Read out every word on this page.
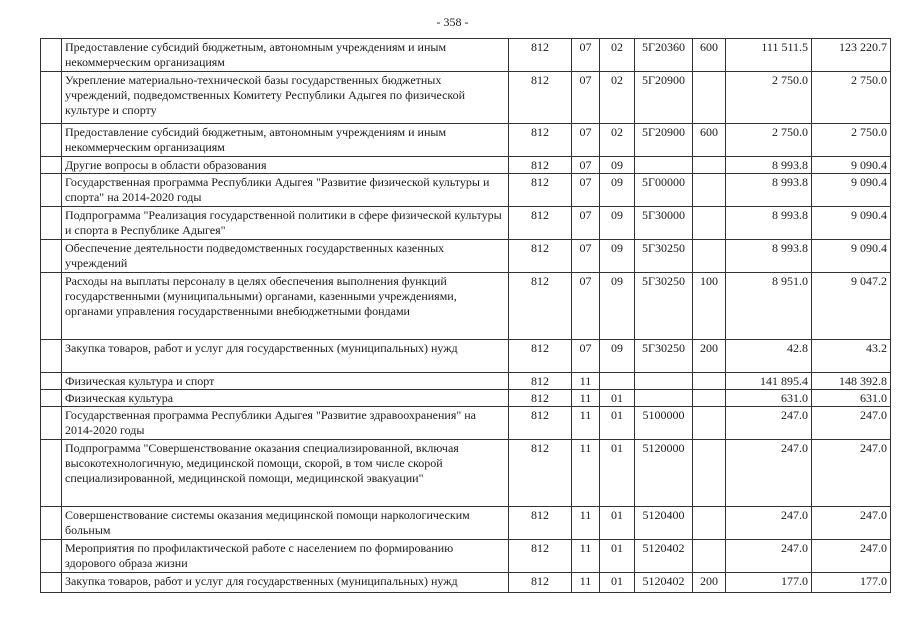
- 358 -
	Предоставление субсидий бюджетным, автономным учреждениям и иным некоммерческим организациям	812	07	02	5Г20360	600	111 511.5	123 220.7
	Укрепление материально-технической базы государственных бюджетных учреждений, подведомственных Комитету Республики Адыгея по физической культуре и спорту	812	07	02	5Г20900		2 750.0	2 750.0
	Предоставление субсидий бюджетным, автономным учреждениям и иным некоммерческим организациям	812	07	02	5Г20900	600	2 750.0	2 750.0
	Другие вопросы в области образования	812	07	09			8 993.8	9 090.4
	Государственная программа Республики Адыгея "Развитие физической культуры и спорта" на 2014-2020 годы	812	07	09	5Г00000		8 993.8	9 090.4
	Подпрограмма "Реализация государственной политики в сфере физической культуры и спорта в Республике Адыгея"	812	07	09	5Г30000		8 993.8	9 090.4
	Обеспечение деятельности подведомственных государственных казенных учреждений	812	07	09	5Г30250		8 993.8	9 090.4
	Расходы на выплаты персоналу в целях обеспечения выполнения функций государственными (муниципальными) органами, казенными учреждениями, органами управления государственными внебюджетными фондами	812	07	09	5Г30250	100	8 951.0	9 047.2
	Закупка товаров, работ и услуг для государственных (муниципальных) нужд	812	07	09	5Г30250	200	42.8	43.2
	Физическая культура и спорт	812	11				141 895.4	148 392.8
	Физическая культура	812	11	01			631.0	631.0
	Государственная программа Республики Адыгея "Развитие здравоохранения" на 2014-2020 годы	812	11	01	5100000		247.0	247.0
	Подпрограмма "Совершенствование оказания специализированной, включая высокотехнологичную, медицинской помощи, скорой, в том числе скорой специализированной, медицинской помощи, медицинской эвакуации"	812	11	01	5120000		247.0	247.0
	Совершенствование системы оказания медицинской помощи наркологическим больным	812	11	01	5120400		247.0	247.0
	Мероприятия по профилактической работе с населением по формированию здорового образа жизни	812	11	01	5120402		247.0	247.0
	Закупка товаров, работ и услуг для государственных (муниципальных) нужд	812	11	01	5120402	200	177.0	177.0
